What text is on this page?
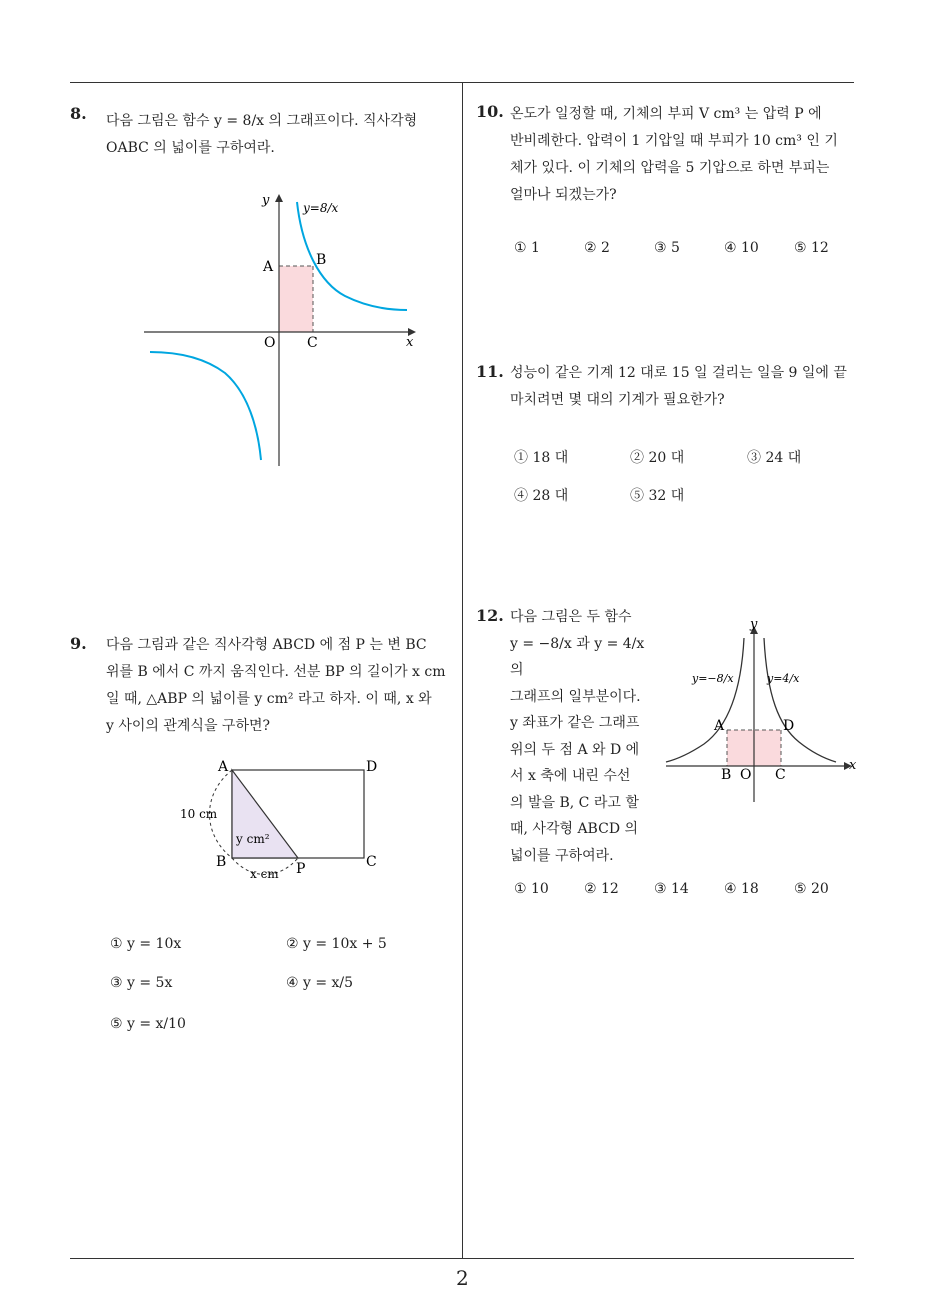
2
8. 다음 그림은 함수 y = 8/x 의 그래프이다. 직사각형
OABC 의 넓이를 구하여라.
y
x
O
A	B
C
y=8/x
9. 다음 그림과 같은 직사각형 ABCD 에 점 P 는 변 BC
위를 B 에서 C 까지 움직인다. 선분 BP 의 길이가 x cm
일 때, △ABP 의 넓이를 y cm² 라고 하자. 이 때, x 와
y 사이의 관계식을 구하면?
A	D
B	C
P
10 cm
y cm²
x cm
① y = 10x	② y = 10x + 5
③ y = 5x	④ y = x/5
⑤ y = x/10
10. 온도가 일정할 때, 기체의 부피 V cm³ 는 압력 P 에
반비례한다. 압력이 1 기압일 때 부피가 10 cm³ 인 기
체가 있다. 이 기체의 압력을 5 기압으로 하면 부피는
얼마나 되겠는가?
① 1	② 2	③ 5	④ 10	⑤ 12
11. 성능이 같은 기계 12 대로 15 일 걸리는 일을 9 일에 끝
마치려면 몇 대의 기계가 필요한가?
① 18 대	② 20 대	③ 24 대
④ 28 대	⑤ 32 대
12. 다음 그림은 두 함수
y = −8/x 과 y = 4/x 의
그래프의 일부분이다.
y 좌표가 같은 그래프
위의 두 점 A 와 D 에
서 x 축에 내린 수선
의 발을 B, C 라고 할
때, 사각형 ABCD 의
넓이를 구하여라.
y
x
A	D
B O C
y=−8/x	y=4/x
① 10	② 12	③ 14	④ 18	⑤ 20
